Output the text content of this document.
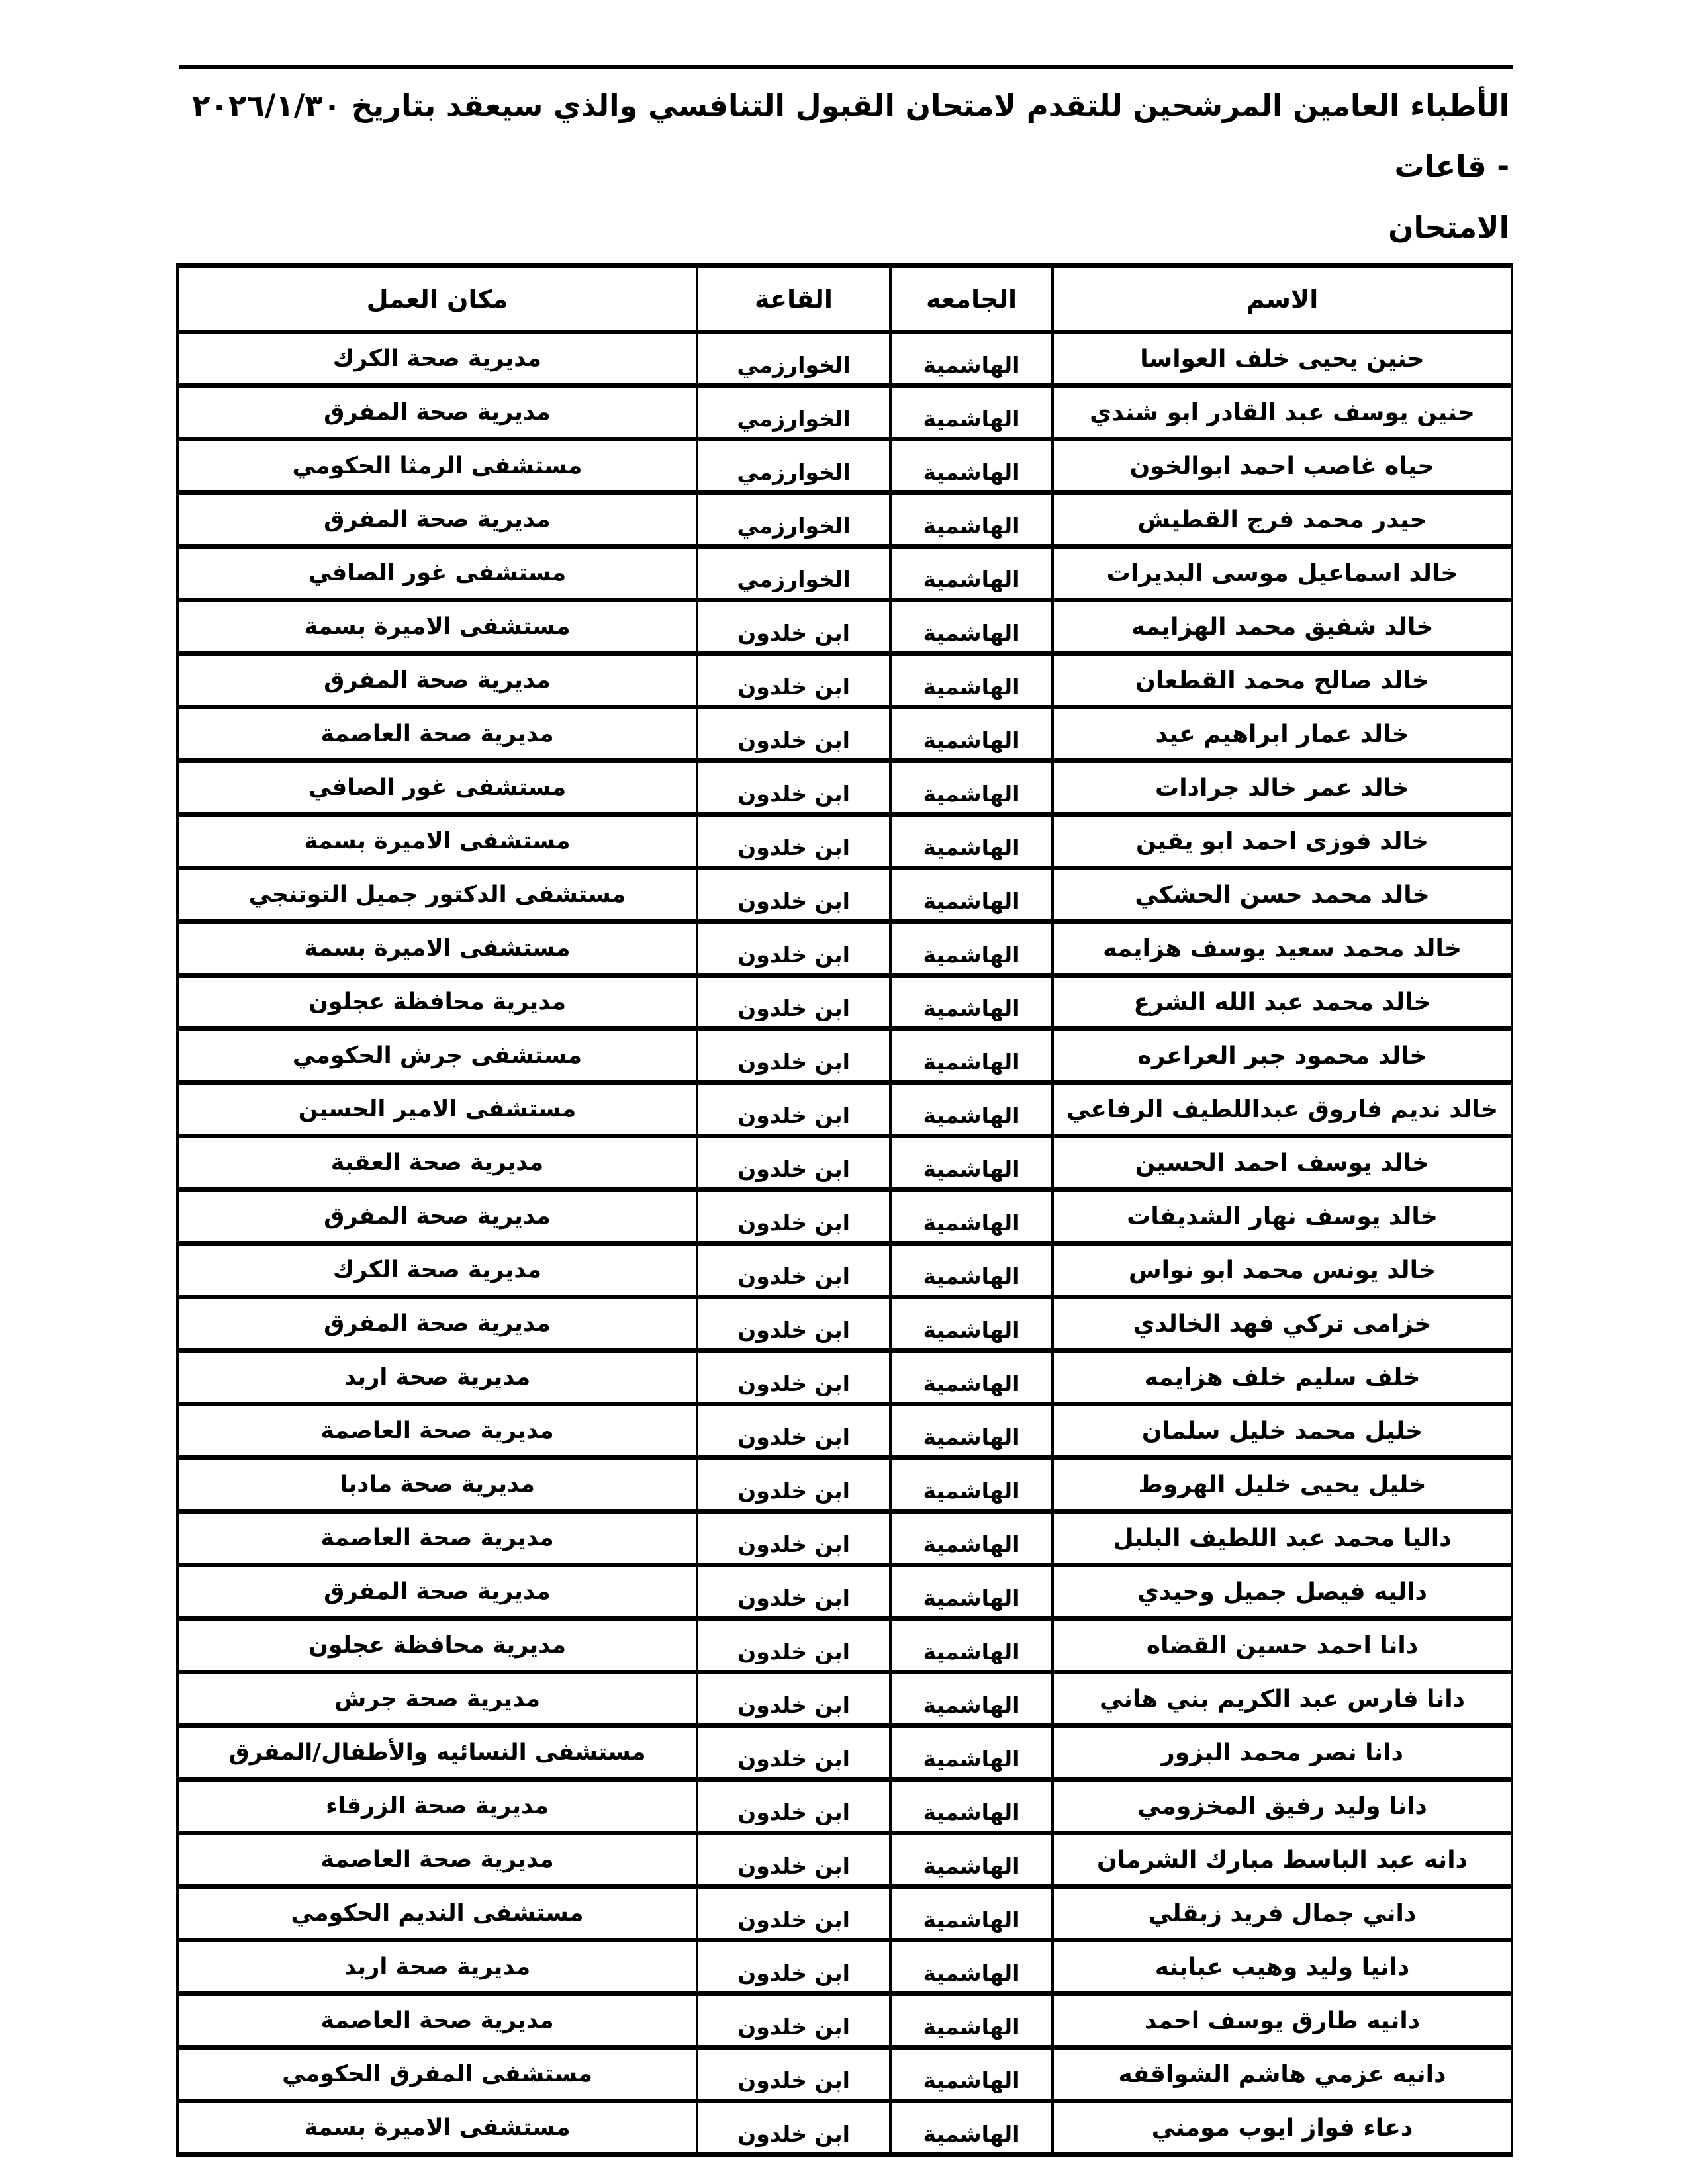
الأطباء العامين المرشحين للتقدم لامتحان القبول التنافسي والذي سيعقد بتاريخ ٢٠٢٦/١/٣٠ - قاعات
الامتحان
الاسم	الجامعه	القاعة	مكان العمل
حنين يحيى خلف العواسا	الهاشمية	الخوارزمي	مديرية صحة الكرك
حنين يوسف عبد القادر ابو شندي	الهاشمية	الخوارزمي	مديرية صحة المفرق
حياه غاصب احمد ابوالخون	الهاشمية	الخوارزمي	مستشفى الرمثا الحكومي
حيدر محمد فرج القطيش	الهاشمية	الخوارزمي	مديرية صحة المفرق
خالد اسماعيل موسى البديرات	الهاشمية	الخوارزمي	مستشفى غور الصافي
خالد شفيق محمد الهزايمه	الهاشمية	ابن خلدون	مستشفى الاميرة بسمة
خالد صالح محمد القطعان	الهاشمية	ابن خلدون	مديرية صحة المفرق
خالد عمار ابراهيم عيد	الهاشمية	ابن خلدون	مديرية صحة العاصمة
خالد عمر خالد جرادات	الهاشمية	ابن خلدون	مستشفى غور الصافي
خالد فوزى احمد ابو يقين	الهاشمية	ابن خلدون	مستشفى الاميرة بسمة
خالد محمد حسن الحشكي	الهاشمية	ابن خلدون	مستشفى الدكتور جميل التوتنجي
خالد محمد سعيد يوسف هزايمه	الهاشمية	ابن خلدون	مستشفى الاميرة بسمة
خالد محمد عبد الله الشرع	الهاشمية	ابن خلدون	مديرية محافظة عجلون
خالد محمود جبر العراعره	الهاشمية	ابن خلدون	مستشفى جرش الحكومي
خالد نديم فاروق عبداللطيف الرفاعي	الهاشمية	ابن خلدون	مستشفى الامير الحسين
خالد يوسف احمد الحسين	الهاشمية	ابن خلدون	مديرية صحة العقبة
خالد يوسف نهار الشديفات	الهاشمية	ابن خلدون	مديرية صحة المفرق
خالد يونس محمد ابو نواس	الهاشمية	ابن خلدون	مديرية صحة الكرك
خزامى تركي فهد الخالدي	الهاشمية	ابن خلدون	مديرية صحة المفرق
خلف سليم خلف هزايمه	الهاشمية	ابن خلدون	مديرية صحة اربد
خليل محمد خليل سلمان	الهاشمية	ابن خلدون	مديرية صحة العاصمة
خليل يحيى خليل الهروط	الهاشمية	ابن خلدون	مديرية صحة مادبا
داليا محمد عبد اللطيف البلبل	الهاشمية	ابن خلدون	مديرية صحة العاصمة
داليه فيصل جميل وحيدي	الهاشمية	ابن خلدون	مديرية صحة المفرق
دانا احمد حسين القضاه	الهاشمية	ابن خلدون	مديرية محافظة عجلون
دانا فارس عبد الكريم بني هاني	الهاشمية	ابن خلدون	مديرية صحة جرش
دانا نصر محمد البزور	الهاشمية	ابن خلدون	مستشفى النسائيه والأطفال/المفرق
دانا وليد رفيق المخزومي	الهاشمية	ابن خلدون	مديرية صحة الزرقاء
دانه عبد الباسط مبارك الشرمان	الهاشمية	ابن خلدون	مديرية صحة العاصمة
داني جمال فريد زبقلي	الهاشمية	ابن خلدون	مستشفى النديم الحكومي
دانيا وليد وهيب عبابنه	الهاشمية	ابن خلدون	مديرية صحة اربد
دانيه طارق يوسف احمد	الهاشمية	ابن خلدون	مديرية صحة العاصمة
دانيه عزمي هاشم الشواقفه	الهاشمية	ابن خلدون	مستشفى المفرق الحكومي
دعاء فواز ايوب مومني	الهاشمية	ابن خلدون	مستشفى الاميرة بسمة
